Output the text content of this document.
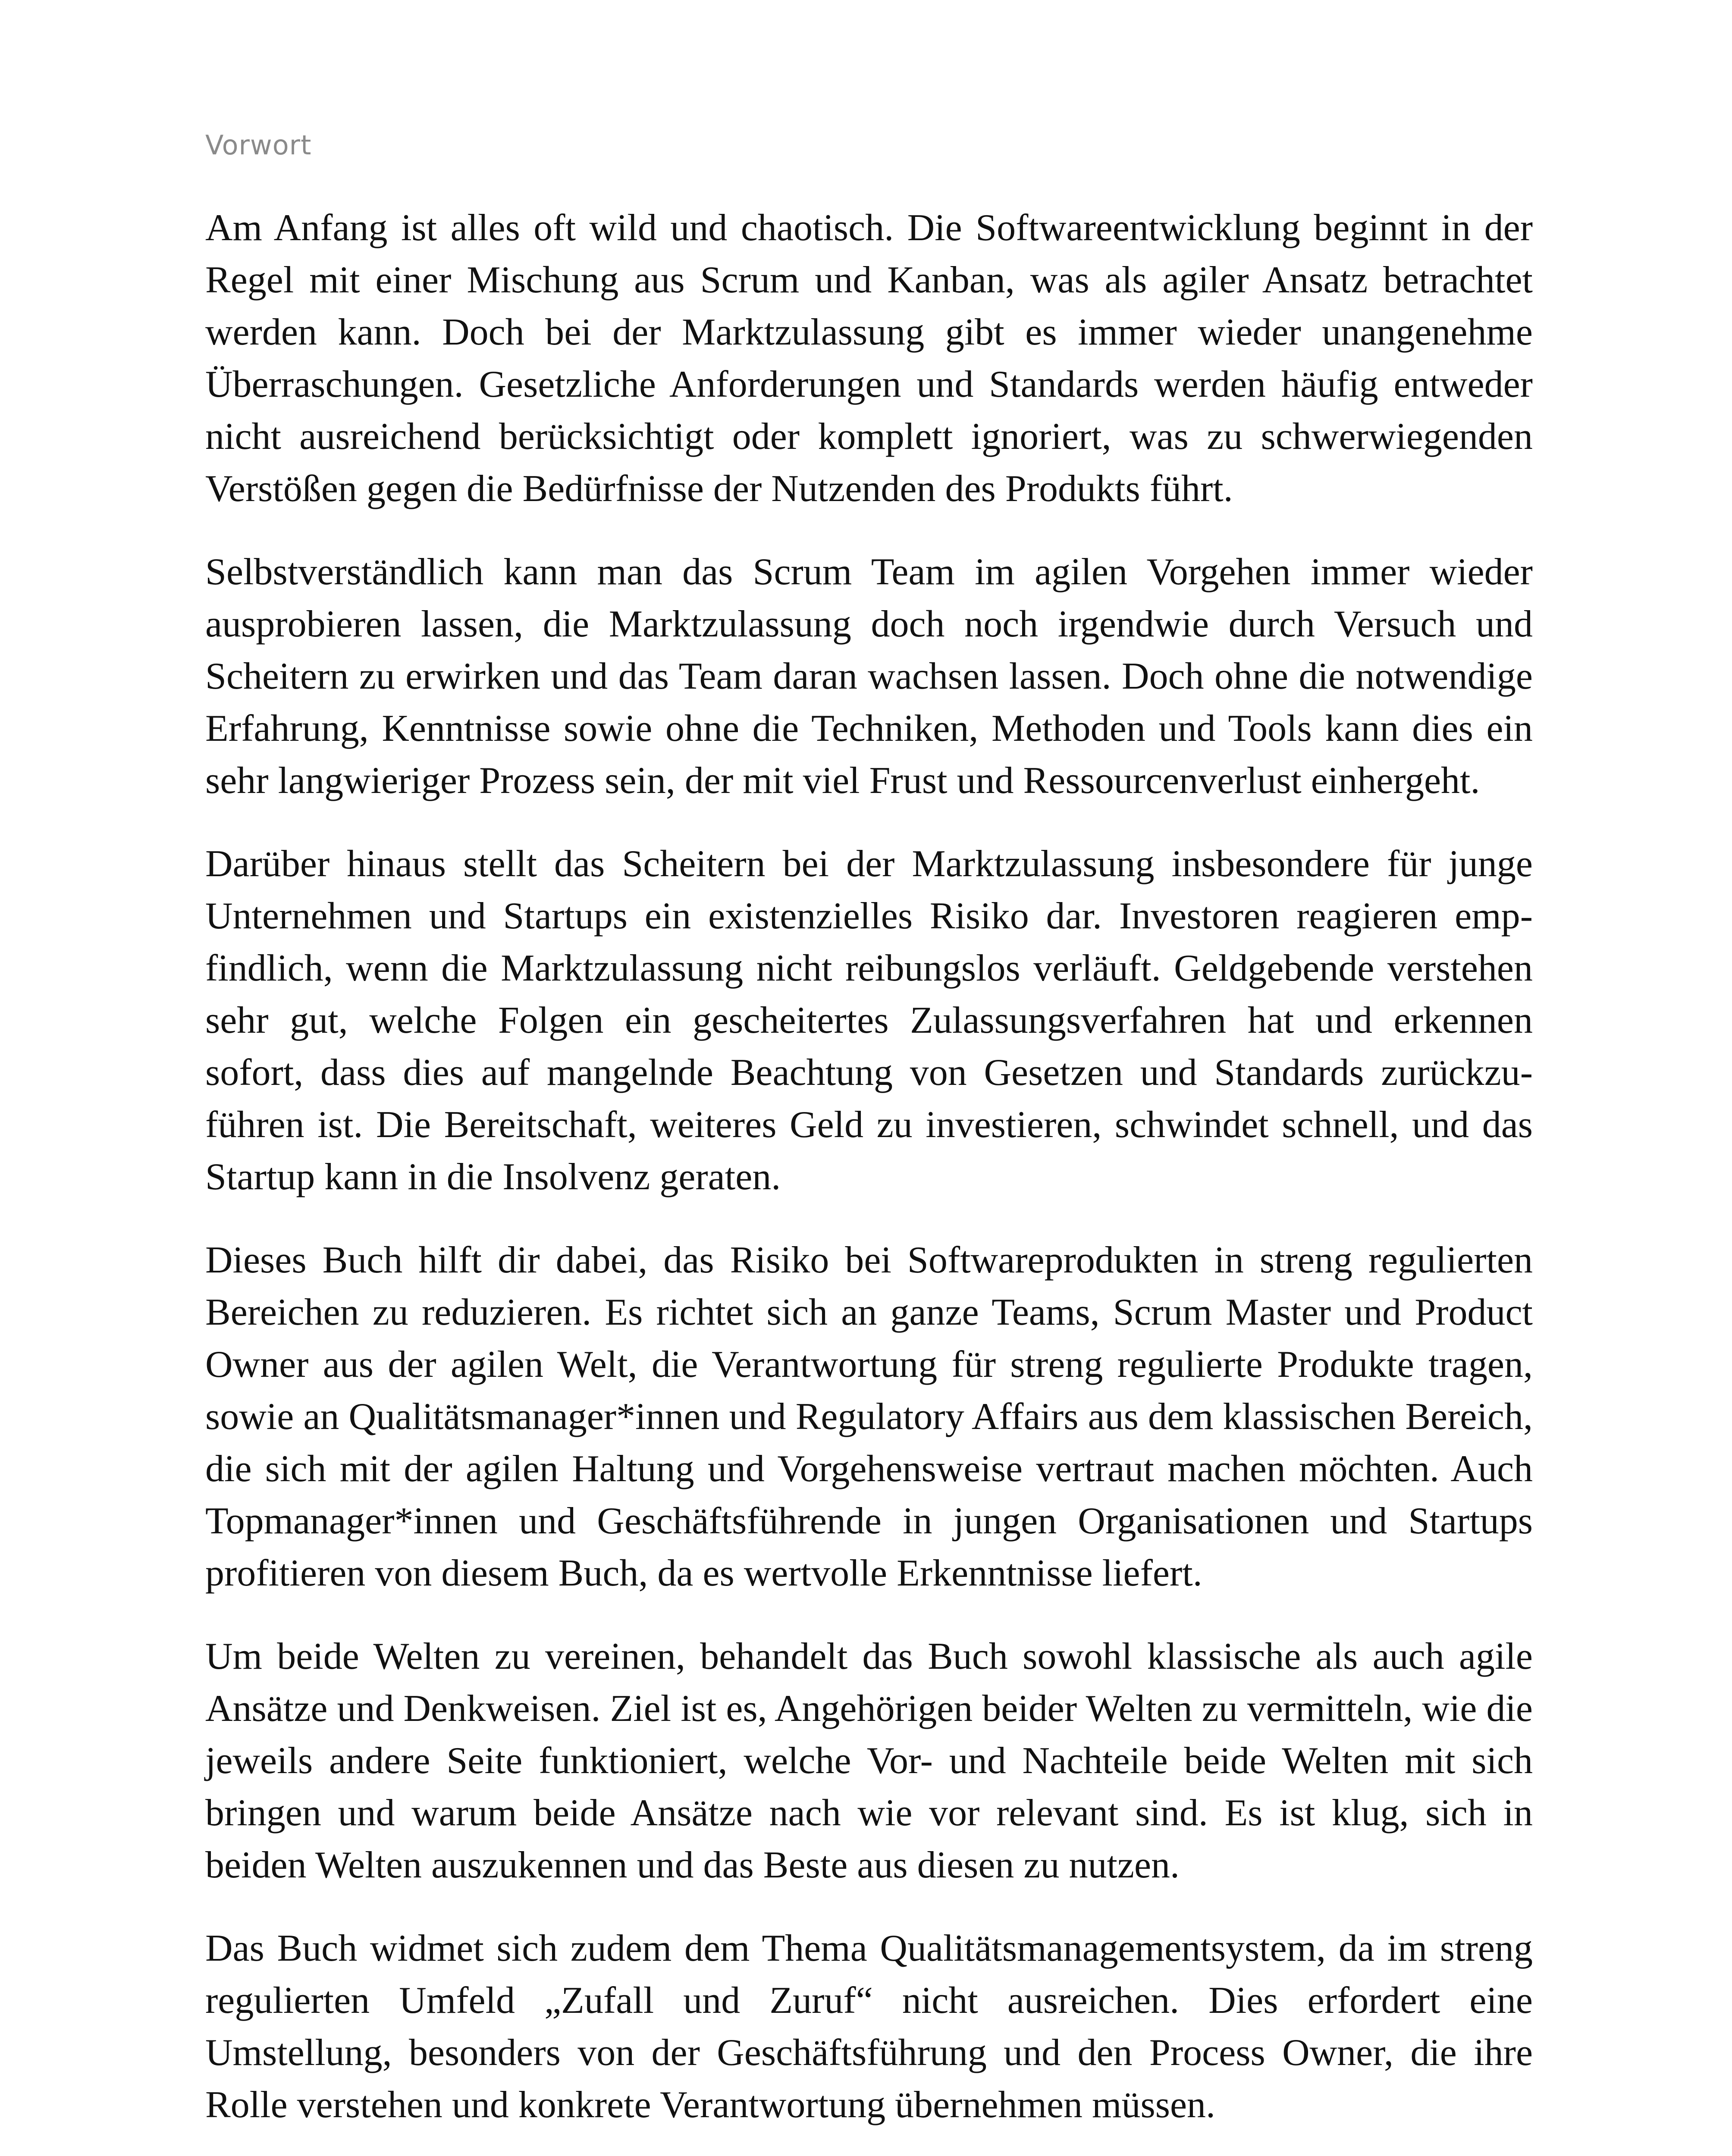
Vorwort

Am Anfang ist alles oft wild und chaotisch. Die Softwareentwicklung beginnt in der Regel mit einer Mischung aus Scrum und Kanban, was als agiler Ansatz betrachtet werden kann. Doch bei der Marktzulassung gibt es immer wieder unangenehme Überraschungen. Gesetzliche Anforderungen und Standards werden häufig entweder nicht ausreichend berücksichtigt oder komplett ignoriert, was zu schwerwiegenden Verstößen gegen die Bedürfnisse der Nutzenden des Produkts führt.

Selbstverständlich kann man das Scrum Team im agilen Vorgehen immer wieder ausprobieren lassen, die Marktzulassung doch noch irgendwie durch Versuch und Scheitern zu erwirken und das Team daran wachsen lassen. Doch ohne die notwendige Erfahrung, Kenntnisse sowie ohne die Techniken, Methoden und Tools kann dies ein sehr langwieriger Prozess sein, der mit viel Frust und Ressourcenverlust einhergeht.

Darüber hinaus stellt das Scheitern bei der Marktzulassung insbesondere für junge Unternehmen und Startups ein existenzielles Risiko dar. Investoren reagieren empfindlich, wenn die Marktzulassung nicht reibungslos verläuft. Geldgebende verstehen sehr gut, welche Folgen ein gescheitertes Zulassungsverfahren hat und erkennen sofort, dass dies auf mangelnde Beachtung von Gesetzen und Standards zurückzuführen ist. Die Bereitschaft, weiteres Geld zu investieren, schwindet schnell, und das Startup kann in die Insolvenz geraten.

Dieses Buch hilft dir dabei, das Risiko bei Softwareprodukten in streng regulierten Bereichen zu reduzieren. Es richtet sich an ganze Teams, Scrum Master und Product Owner aus der agilen Welt, die Verantwortung für streng regulierte Produkte tragen, sowie an Qualitätsmanager*innen und Regulatory Affairs aus dem klassischen Bereich, die sich mit der agilen Haltung und Vorgehensweise vertraut machen möchten. Auch Topmanager*innen und Geschäftsführende in jungen Organisationen und Startups profitieren von diesem Buch, da es wertvolle Erkenntnisse liefert.

Um beide Welten zu vereinen, behandelt das Buch sowohl klassische als auch agile Ansätze und Denkweisen. Ziel ist es, Angehörigen beider Welten zu vermitteln, wie die jeweils andere Seite funktioniert, welche Vor- und Nachteile beide Welten mit sich bringen und warum beide Ansätze nach wie vor relevant sind. Es ist klug, sich in beiden Welten auszukennen und das Beste aus diesen zu nutzen.

Das Buch widmet sich zudem dem Thema Qualitätsmanagementsystem, da im streng regulierten Umfeld „Zufall und Zuruf“ nicht ausreichen. Dies erfordert eine Umstellung, besonders von der Geschäftsführung und den Process Owner, die ihre Rolle verstehen und konkrete Verantwortung übernehmen müssen.
